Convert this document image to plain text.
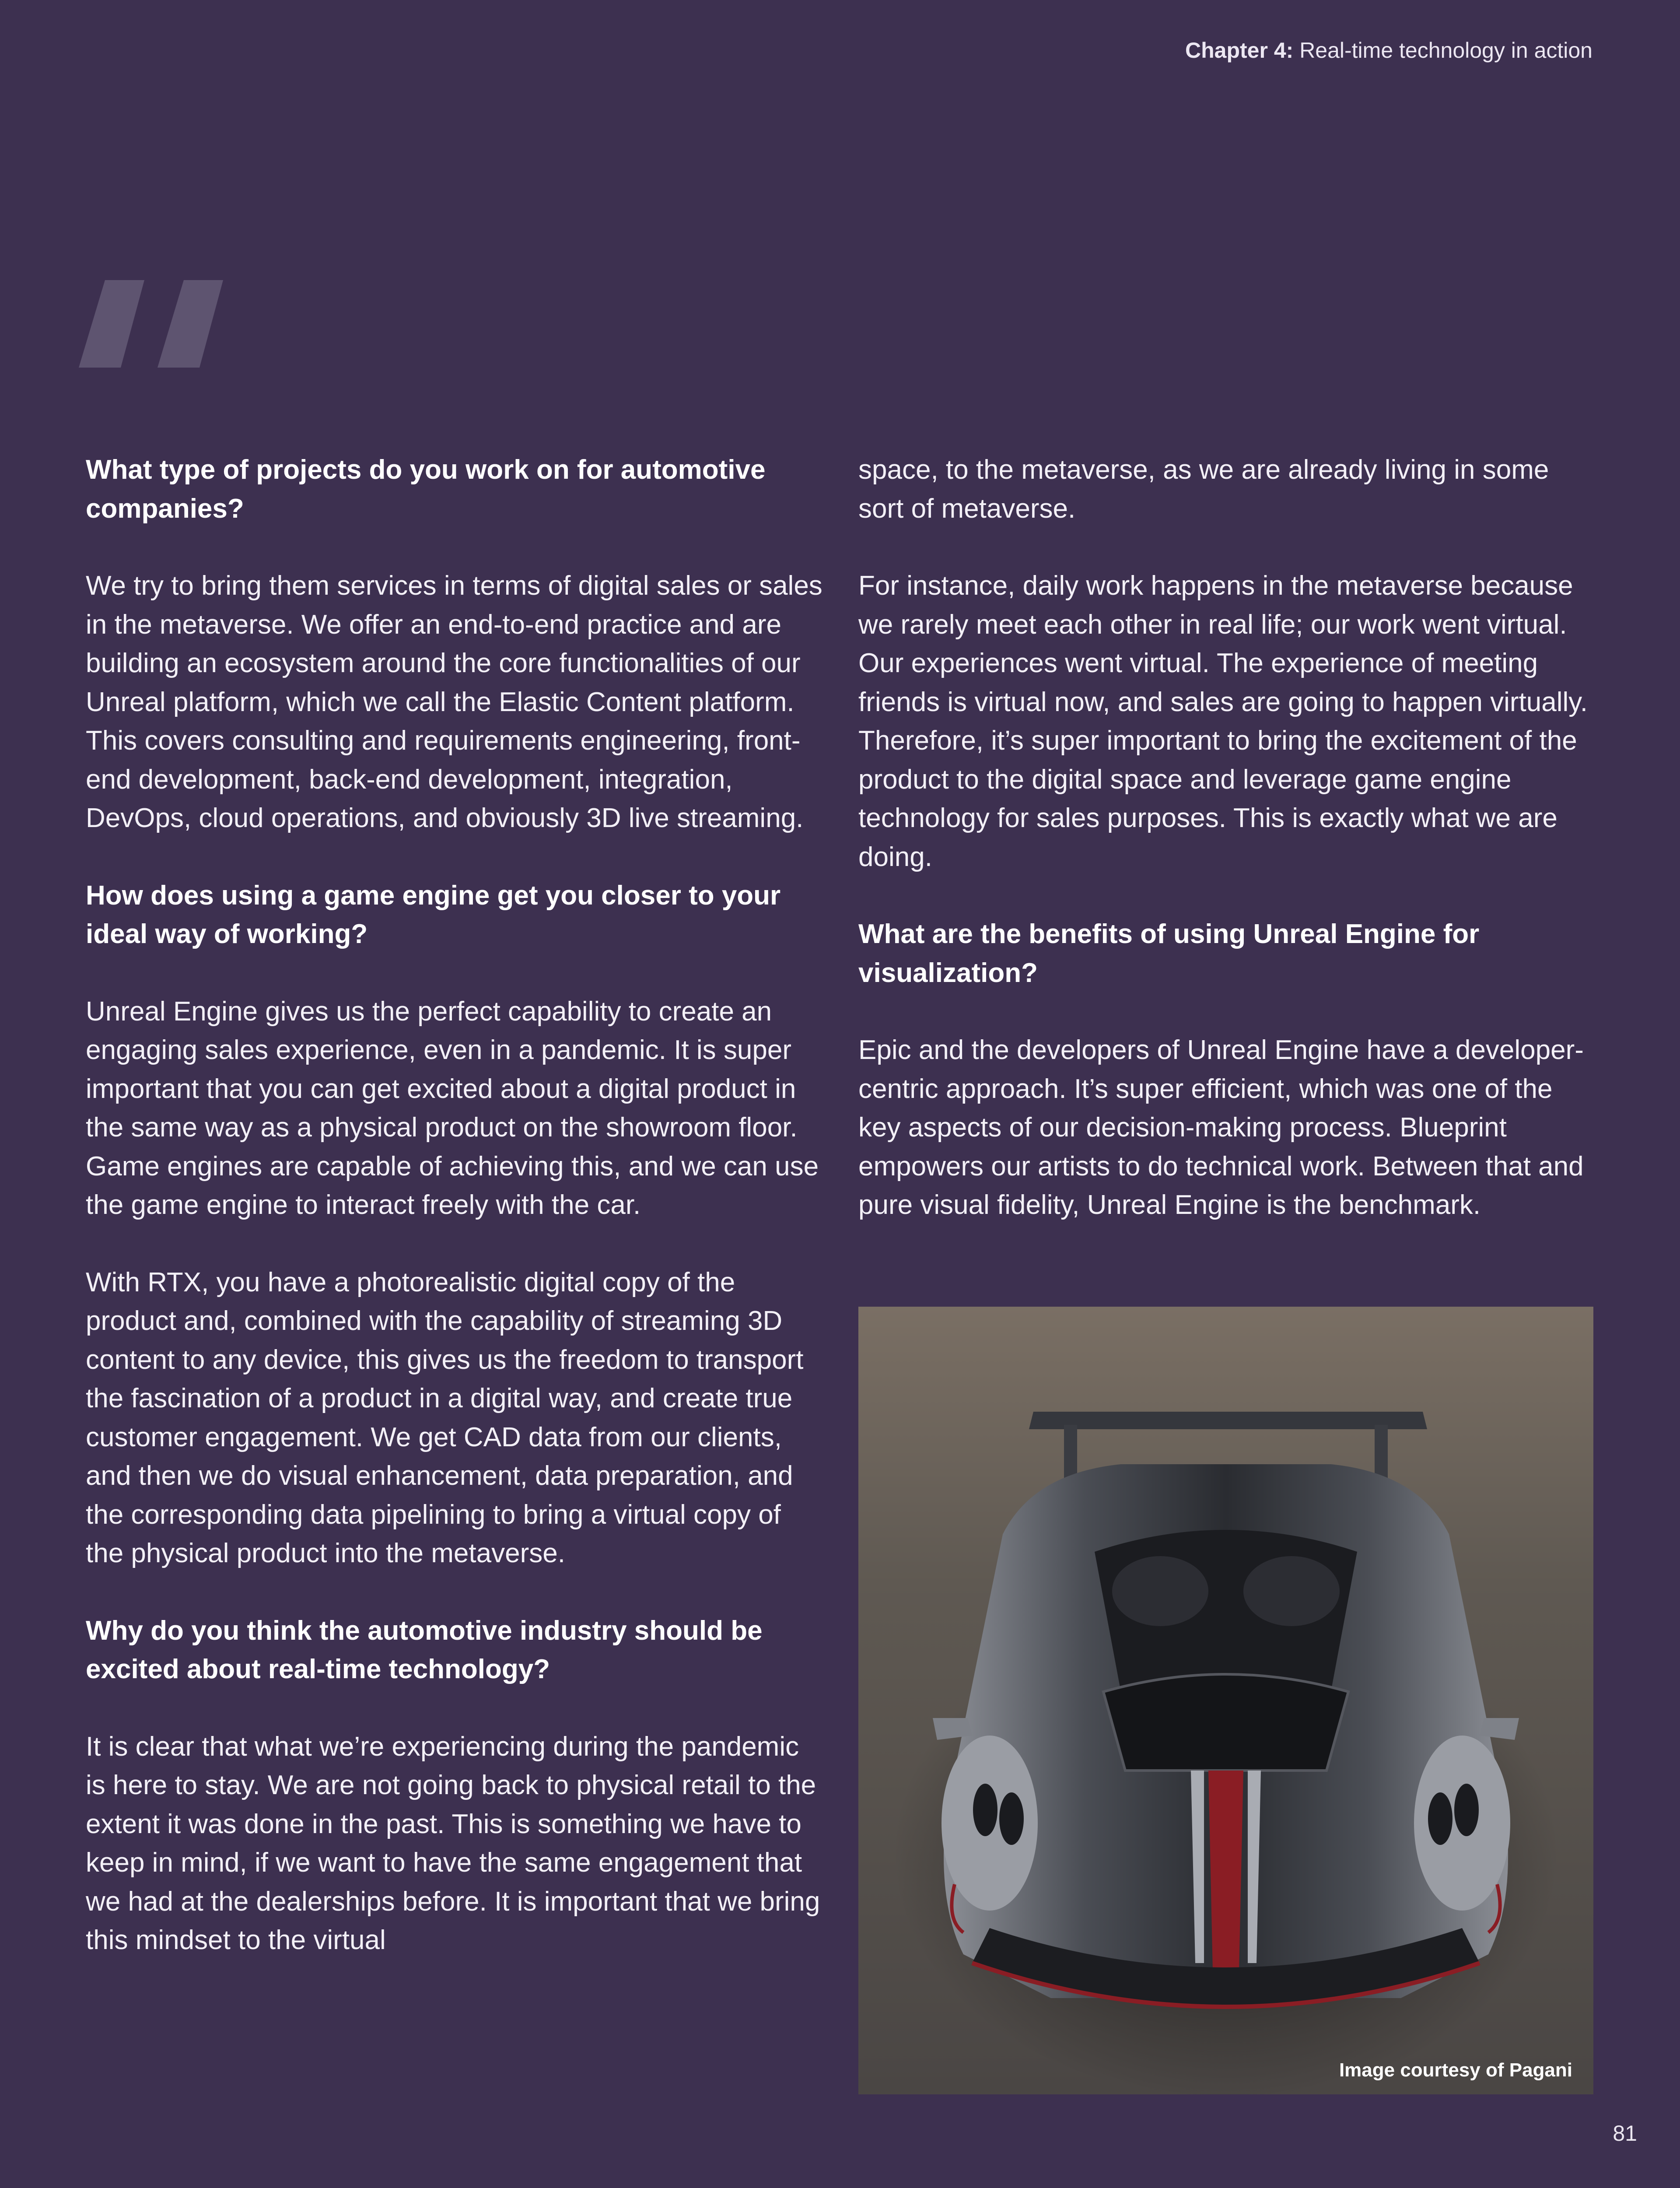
Chapter 4: Real-time technology in action
What type of projects do you work on for automotive companies?

We try to bring them services in terms of digital sales or sales in the metaverse. We offer an end-to-end practice and are building an ecosystem around the core functionalities of our Unreal platform, which we call the Elastic Content platform. This covers consulting and requirements engineering, front-end development, back-end development, integration, DevOps, cloud operations, and obviously 3D live streaming.

How does using a game engine get you closer to your ideal way of working?

Unreal Engine gives us the perfect capability to create an engaging sales experience, even in a pandemic. It is super important that you can get excited about a digital product in the same way as a physical product on the showroom floor. Game engines are capable of achieving this, and we can use the game engine to interact freely with the car.

With RTX, you have a photorealistic digital copy of the product and, combined with the capability of streaming 3D content to any device, this gives us the freedom to transport the fascination of a product in a digital way, and create true customer engagement. We get CAD data from our clients, and then we do visual enhancement, data preparation, and the corresponding data pipelining to bring a virtual copy of the physical product into the metaverse.

Why do you think the automotive industry should be excited about real-time technology?

It is clear that what we’re experiencing during the pandemic is here to stay. We are not going back to physical retail to the extent it was done in the past. This is something we have to keep in mind, if we want to have the same engagement that we had at the dealerships before. It is important that we bring this mindset to the virtual

space, to the metaverse, as we are already living in some sort of metaverse.

For instance, daily work happens in the metaverse because we rarely meet each other in real life; our work went virtual. Our experiences went virtual. The experience of meeting friends is virtual now, and sales are going to happen virtually. Therefore, it’s super important to bring the excitement of the product to the digital space and leverage game engine technology for sales purposes. This is exactly what we are doing.

What are the benefits of using Unreal Engine for visualization?

Epic and the developers of Unreal Engine have a developer-centric approach. It’s super efficient, which was one of the key aspects of our decision-making process. Blueprint empowers our artists to do technical work. Between that and pure visual fidelity, Unreal Engine is the benchmark.

Image courtesy of Pagani
81
